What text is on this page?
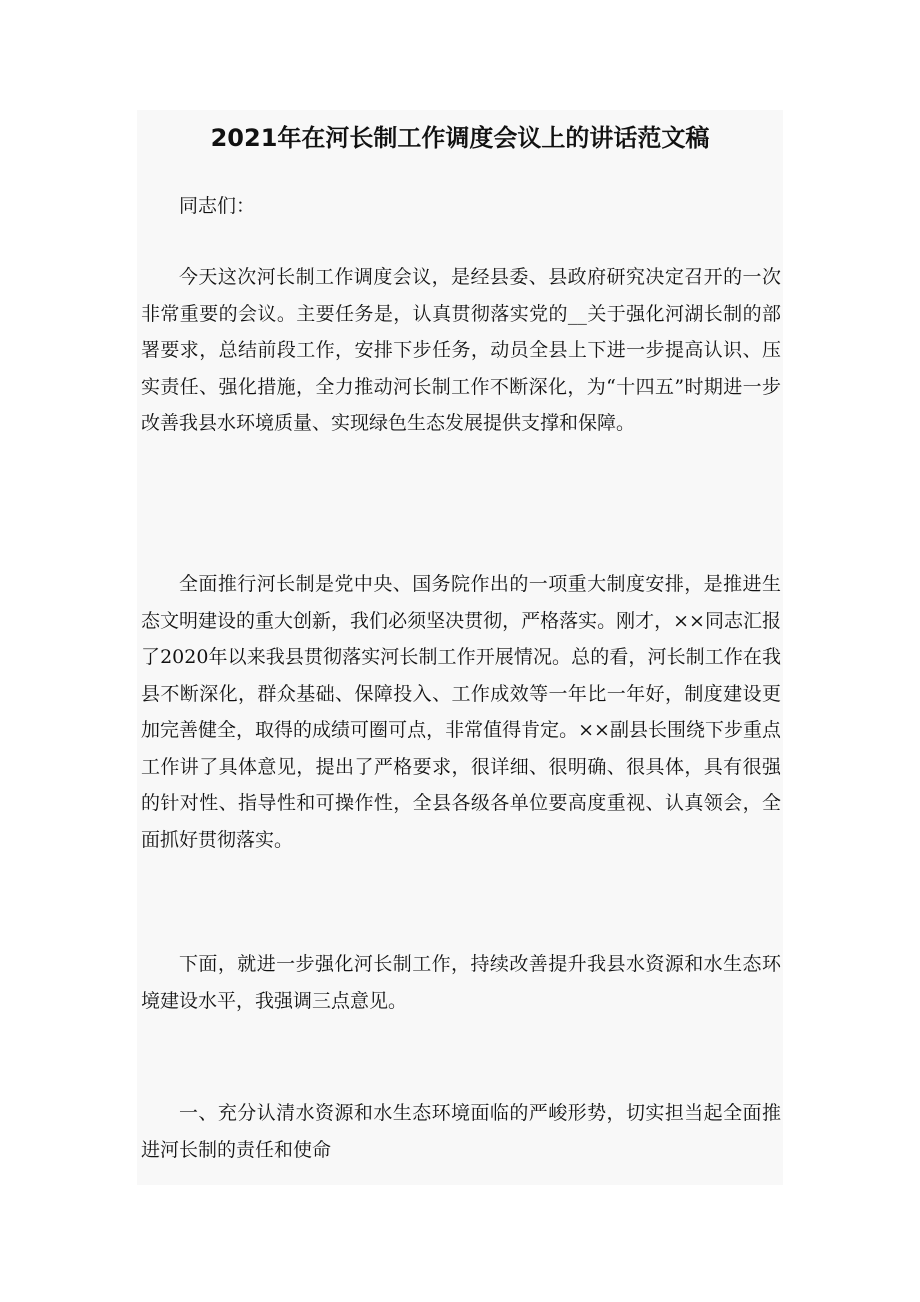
2021年在河长制工作调度会议上的讲话范文稿

同志们：

今天这次河长制工作调度会议，是经县委、县政府研究决定召开的一次非常重要的会议。主要任务是，认真贯彻落实党的__关于强化河湖长制的部署要求，总结前段工作，安排下步任务，动员全县上下进一步提高认识、压实责任、强化措施，全力推动河长制工作不断深化，为“十四五”时期进一步改善我县水环境质量、实现绿色生态发展提供支撑和保障。

全面推行河长制是党中央、国务院作出的一项重大制度安排，是推进生态文明建设的重大创新，我们必须坚决贯彻，严格落实。刚才，××同志汇报了2020年以来我县贯彻落实河长制工作开展情况。总的看，河长制工作在我县不断深化，群众基础、保障投入、工作成效等一年比一年好，制度建设更加完善健全，取得的成绩可圈可点，非常值得肯定。××副县长围绕下步重点工作讲了具体意见，提出了严格要求，很详细、很明确、很具体，具有很强的针对性、指导性和可操作性，全县各级各单位要高度重视、认真领会，全面抓好贯彻落实。

下面，就进一步强化河长制工作，持续改善提升我县水资源和水生态环境建设水平，我强调三点意见。

一、充分认清水资源和水生态环境面临的严峻形势，切实担当起全面推进河长制的责任和使命
